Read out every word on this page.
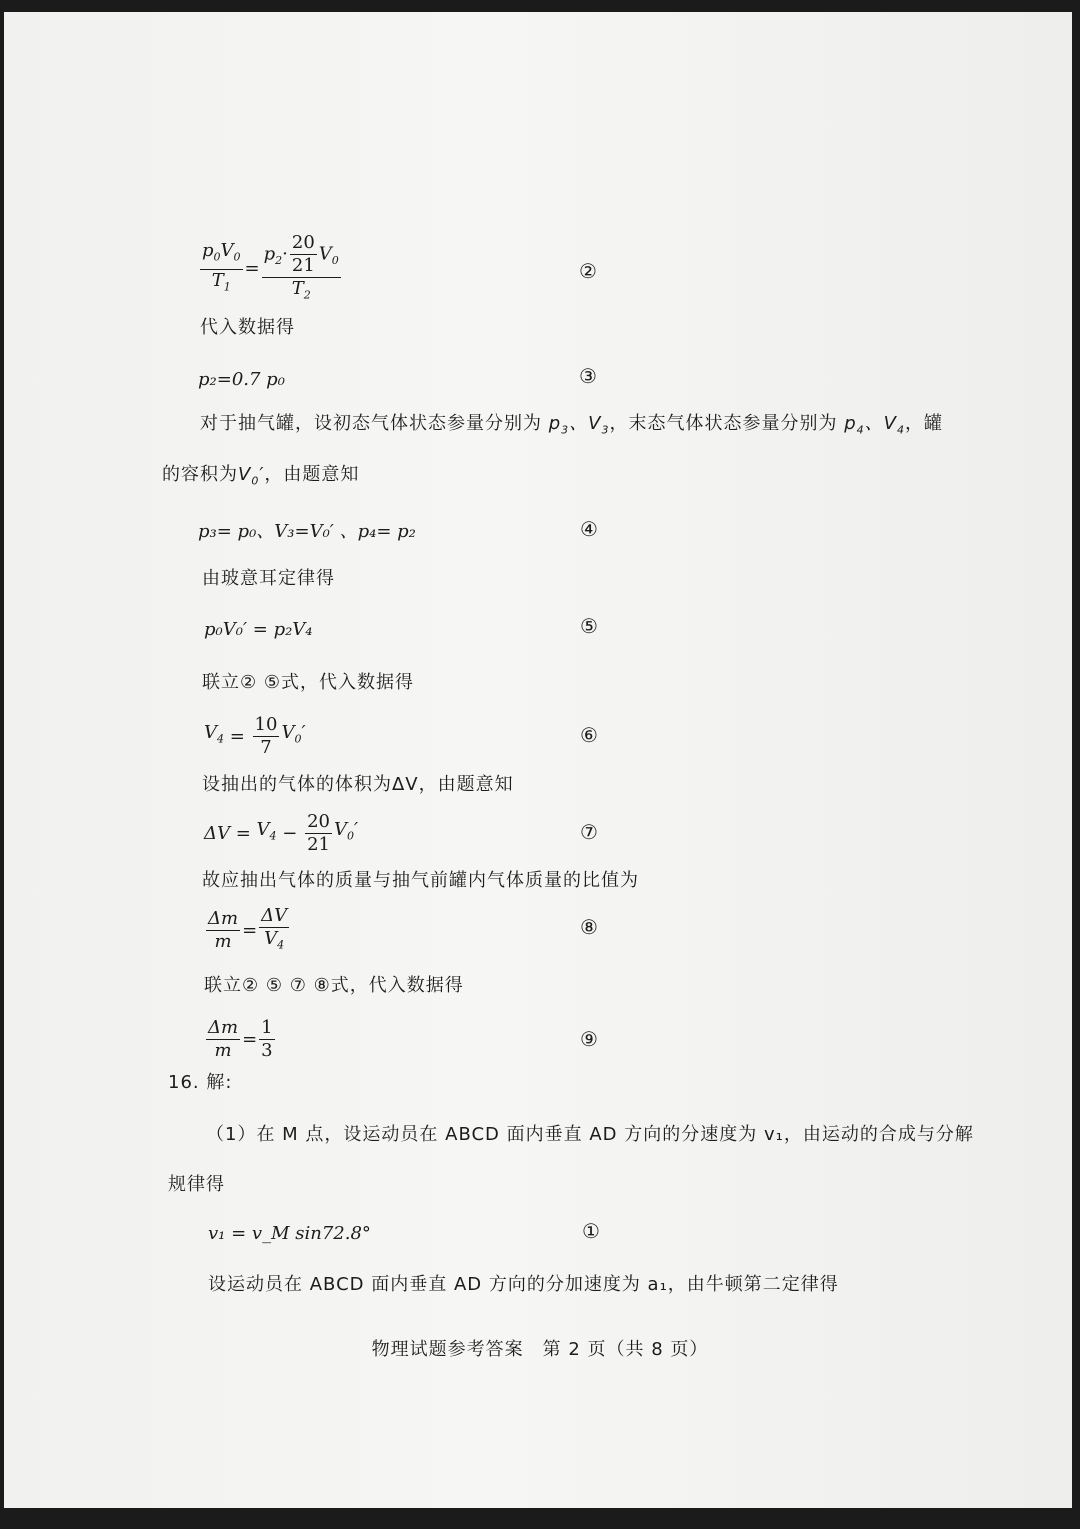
$\frac{p_0V_0}{T_1} = \frac{p_2\cdot \frac{20}{21} V_0}{T_2}$	②
代入数据得
p₂=0.7 p₀	③
对于抽气罐，设初态气体状态参量分别为 $p_3$、$V_3$，末态气体状态参量分别为 $p_4$、$V_4$，罐
的容积为$V_0'$，由题意知
p₃= p₀、V₃=V₀′ 、p₄= p₂	④
由玻意耳定律得
p₀V₀′ = p₂V₄	⑤
联立② ⑤式，代入数据得
$V_4 = \frac{10}{7} V_0'$	⑥
设抽出的气体的体积为ΔV，由题意知
$\Delta V = V_4 - \frac{20}{21} V_0'$	⑦
故应抽出气体的质量与抽气前罐内气体质量的比值为
$\frac{\Delta m}{m} = \frac{\Delta V}{V_4}$	⑧
联立② ⑤ ⑦ ⑧式，代入数据得
$\frac{\Delta m}{m} = \frac{1}{3}$	⑨
16. 解:
（1）在 M 点，设运动员在 ABCD 面内垂直 AD 方向的分速度为 v₁，由运动的合成与分解
规律得
v₁ = v_M sin72.8°	①
设运动员在 ABCD 面内垂直 AD 方向的分加速度为 a₁，由牛顿第二定律得
物理试题参考答案　第 2 页（共 8 页）
